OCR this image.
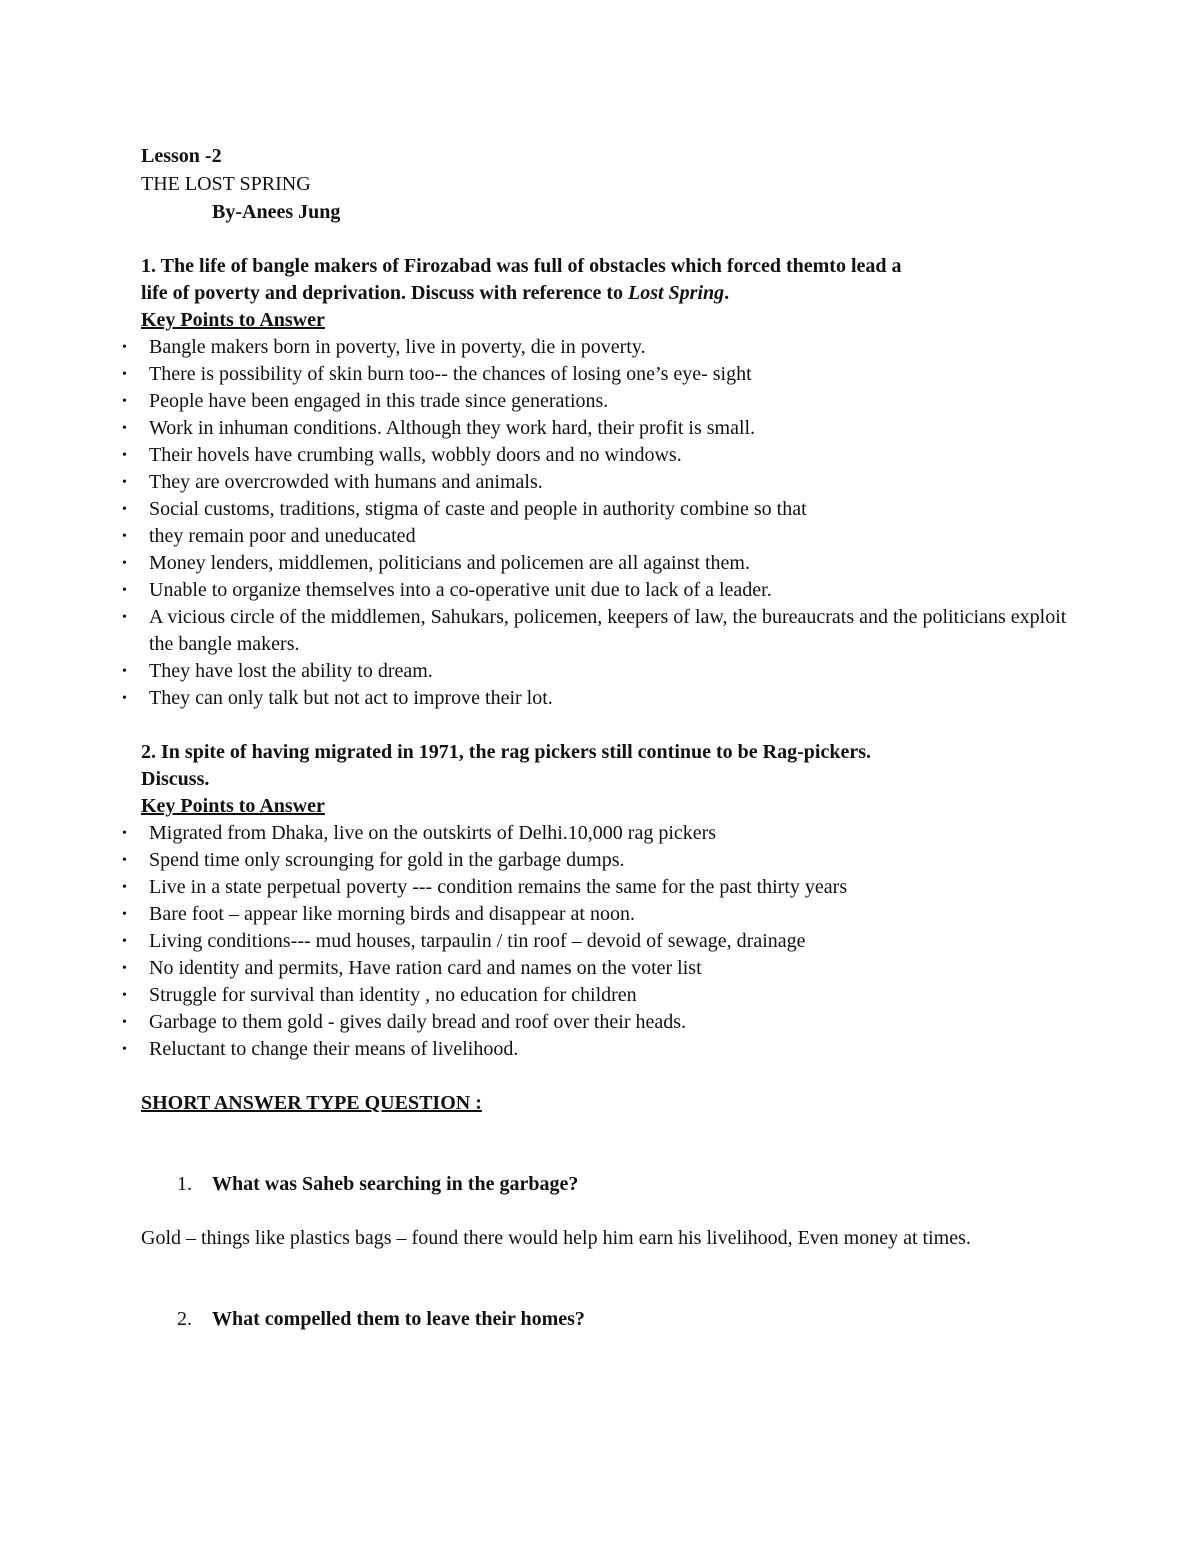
Lesson -2
THE LOST SPRING
By-Anees Jung
1. The life of bangle makers of Firozabad was full of obstacles which forced themto lead a
life of poverty and deprivation. Discuss with reference to Lost Spring.
Key Points to Answer
• Bangle makers born in poverty, live in poverty, die in poverty.
• There is possibility of skin burn too-- the chances of losing one’s eye- sight
• People have been engaged in this trade since generations.
• Work in inhuman conditions. Although they work hard, their profit is small.
• Their hovels have crumbing walls, wobbly doors and no windows.
• They are overcrowded with humans and animals.
• Social customs, traditions, stigma of caste and people in authority combine so that
• they remain poor and uneducated
• Money lenders, middlemen, politicians and policemen are all against them.
• Unable to organize themselves into a co-operative unit due to lack of a leader.
• A vicious circle of the middlemen, Sahukars, policemen, keepers of law, the bureaucrats and the politicians exploit the bangle makers.
• They have lost the ability to dream.
• They can only talk but not act to improve their lot.
2. In spite of having migrated in 1971, the rag pickers still continue to be Rag-pickers.
Discuss.
Key Points to Answer
• Migrated from Dhaka, live on the outskirts of Delhi.10,000 rag pickers
• Spend time only scrounging for gold in the garbage dumps.
• Live in a state perpetual poverty --- condition remains the same for the past thirty years
• Bare foot – appear like morning birds and disappear at noon.
• Living conditions--- mud houses, tarpaulin / tin roof – devoid of sewage, drainage
• No identity and permits, Have ration card and names on the voter list
• Struggle for survival than identity , no education for children
• Garbage to them gold - gives daily bread and roof over their heads.
• Reluctant to change their means of livelihood.
SHORT ANSWER TYPE QUESTION :
1. What was Saheb searching in the garbage?
Gold – things like plastics bags – found there would help him earn his livelihood, Even money at times.
2. What compelled them to leave their homes?
